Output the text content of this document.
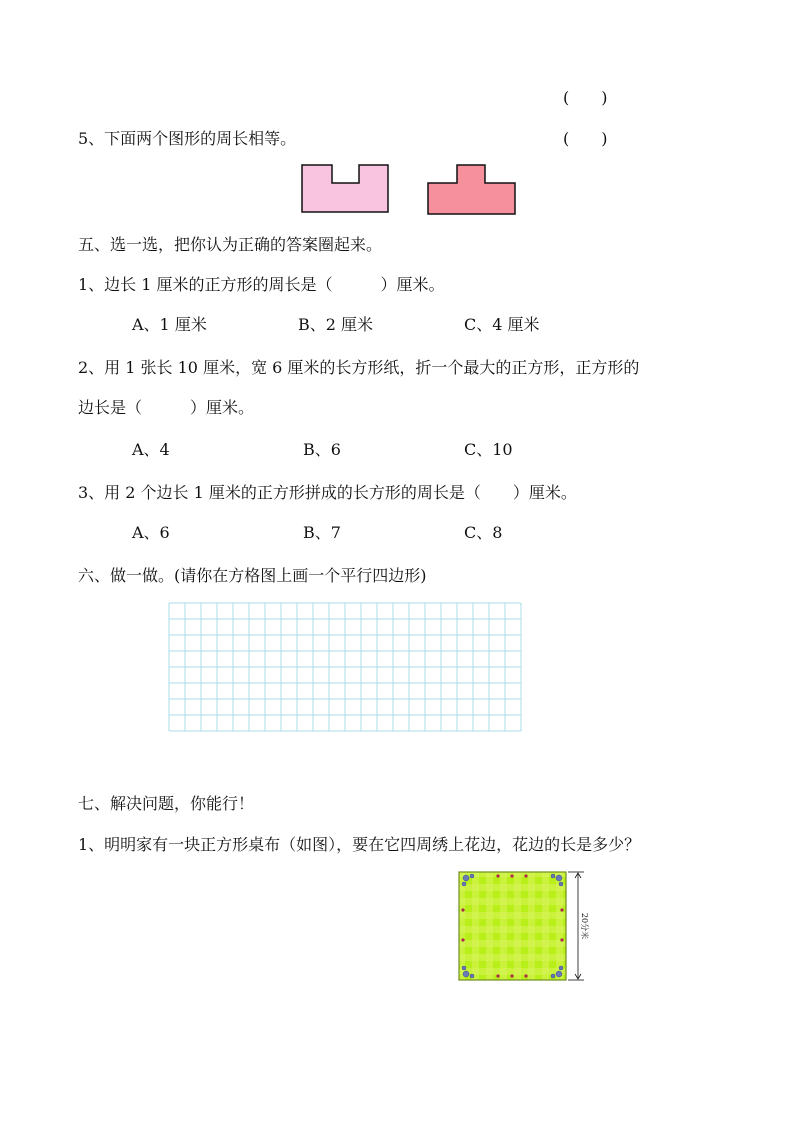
(　　)
5、下面两个图形的周长相等。	(　　)
五、选一选，把你认为正确的答案圈起来。
1、边长 1 厘米的正方形的周长是（　　　）厘米。
A、1 厘米	B、2 厘米	C、4 厘米
2、用 1 张长 10 厘米，宽 6 厘米的长方形纸，折一个最大的正方形，正方形的
边长是（　　　）厘米。
A、4	B、6	C、10
3、用 2 个边长 1 厘米的正方形拼成的长方形的周长是（　　）厘米。
A、6	B、7	C、8
六、做一做。(请你在方格图上画一个平行四边形)
七、解决问题，你能行！
1、明明家有一块正方形桌布（如图），要在它四周绣上花边，花边的长是多少？
20分米
